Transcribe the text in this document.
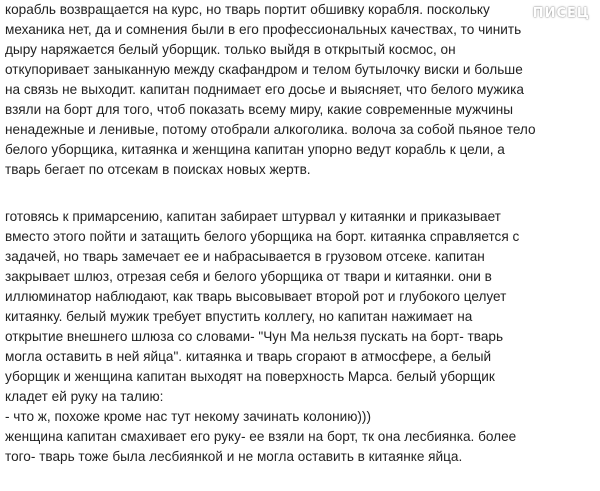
ПИСЕЦ
корабль возвращается на курс, но тварь портит обшивку корабля. поскольку
механика нет, да и сомнения были в его профессиональных качествах, то чинить
дыру наряжается белый уборщик. только выйдя в открытый космос, он
откупоривает заныканную между скафандром и телом бутылочку виски и больше
на связь не выходит. капитан поднимает его досье и выясняет, что белого мужика
взяли на борт для того, чтоб показать всему миру, какие современные мужчины
ненадежные и ленивые, потому отобрали алкоголика. волоча за собой пьяное тело
белого уборщика, китаянка и женщина капитан упорно ведут корабль к цели, а
тварь бегает по отсекам в поисках новых жертв.
готовясь к примарсению, капитан забирает штурвал у китаянки и приказывает
вместо этого пойти и затащить белого уборщика на борт. китаянка справляется с
задачей, но тварь замечает ее и набрасывается в грузовом отсеке. капитан
закрывает шлюз, отрезая себя и белого уборщика от твари и китаянки. они в
иллюминатор наблюдают, как тварь высовывает второй рот и глубокого целует
китаянку. белый мужик требует впустить коллегу, но капитан нажимает на
открытие внешнего шлюза со словами- "Чун Ма нельзя пускать на борт- тварь
могла оставить в ней яйца". китаянка и тварь сгорают в атмосфере, а белый
уборщик и женщина капитан выходят на поверхность Марса. белый уборщик
кладет ей руку на талию:
- что ж, похоже кроме нас тут некому зачинать колонию)))
женщина капитан смахивает его руку- ее взяли на борт, тк она лесбиянка. более
того- тварь тоже была лесбиянкой и не могла оставить в китаянке яйца.
